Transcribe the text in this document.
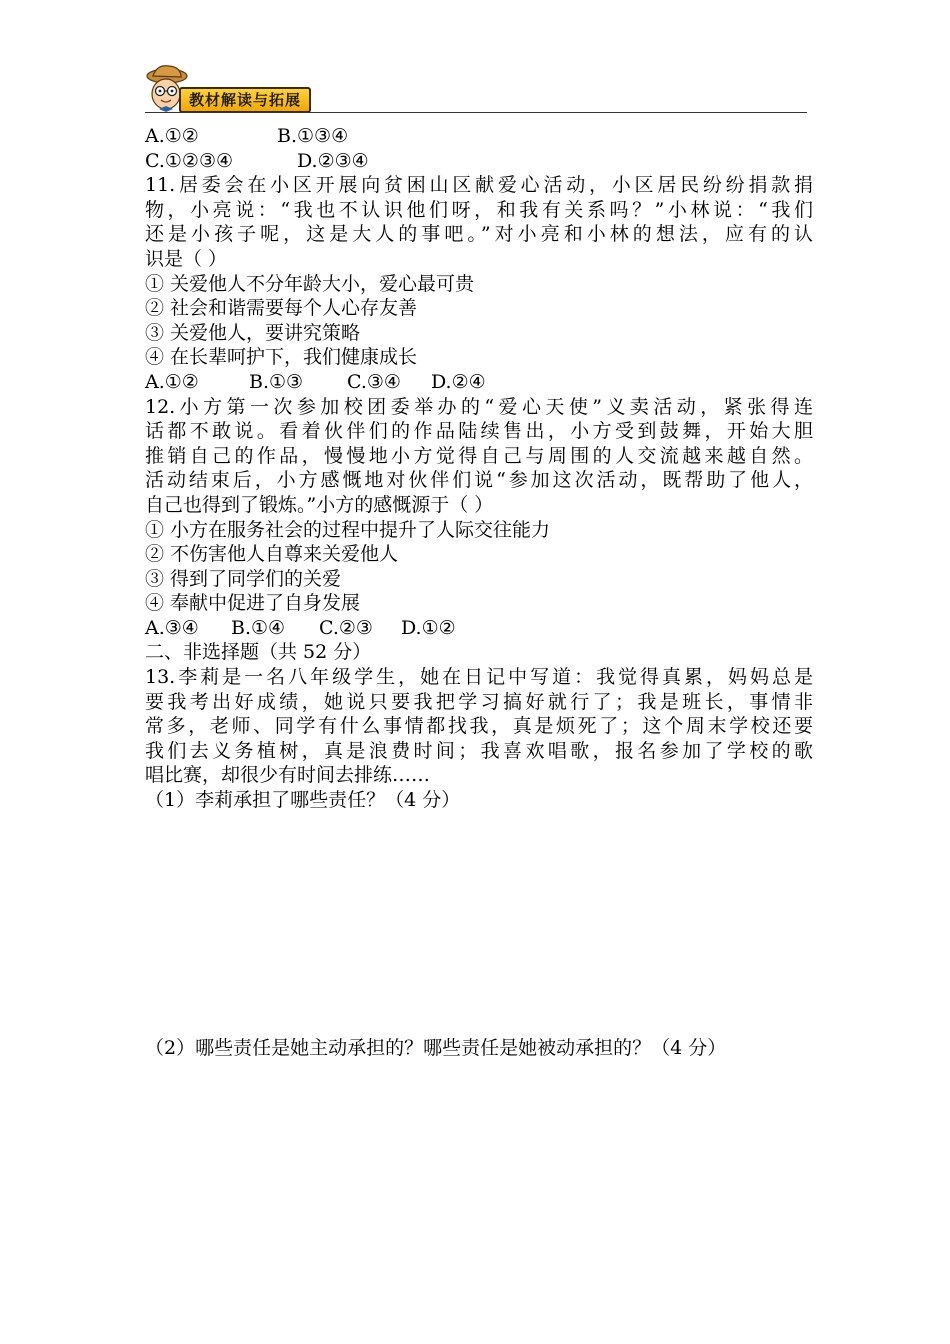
教材解读与拓展
A.①②	B.①③④
C.①②③④	D.②③④
11.居委会在小区开展向贫困山区献爱心活动，小区居民纷纷捐款捐
物，小亮说：“我也不认识他们呀，和我有关系吗？”小林说：“我们
还是小孩子呢，这是大人的事吧。”对小亮和小林的想法，应有的认
识是（ ）
① 关爱他人不分年龄大小，爱心最可贵
② 社会和谐需要每个人心存友善
③ 关爱他人，要讲究策略
④ 在长辈呵护下，我们健康成长
A.①②	B.①③ C.③④ D.②④
12.小方第一次参加校团委举办的“爱心天使”义卖活动，紧张得连
话都不敢说。看着伙伴们的作品陆续售出，小方受到鼓舞，开始大胆
推销自己的作品，慢慢地小方觉得自己与周围的人交流越来越自然。
活动结束后，小方感慨地对伙伴们说“参加这次活动，既帮助了他人，
自己也得到了锻炼。”小方的感慨源于（ ）
① 小方在服务社会的过程中提升了人际交往能力
② 不伤害他人自尊来关爱他人
③ 得到了同学们的关爱
④ 奉献中促进了自身发展
A.③④ B.①④ C.②③ D.①②
二、非选择题（共 52 分）
13.李莉是一名八年级学生，她在日记中写道：我觉得真累，妈妈总是
要我考出好成绩，她说只要我把学习搞好就行了；我是班长，事情非
常多，老师、同学有什么事情都找我，真是烦死了；这个周末学校还要
我们去义务植树，真是浪费时间；我喜欢唱歌，报名参加了学校的歌
唱比赛，却很少有时间去排练……
（1）李莉承担了哪些责任？（4 分）
（2）哪些责任是她主动承担的？哪些责任是她被动承担的？（4 分）
